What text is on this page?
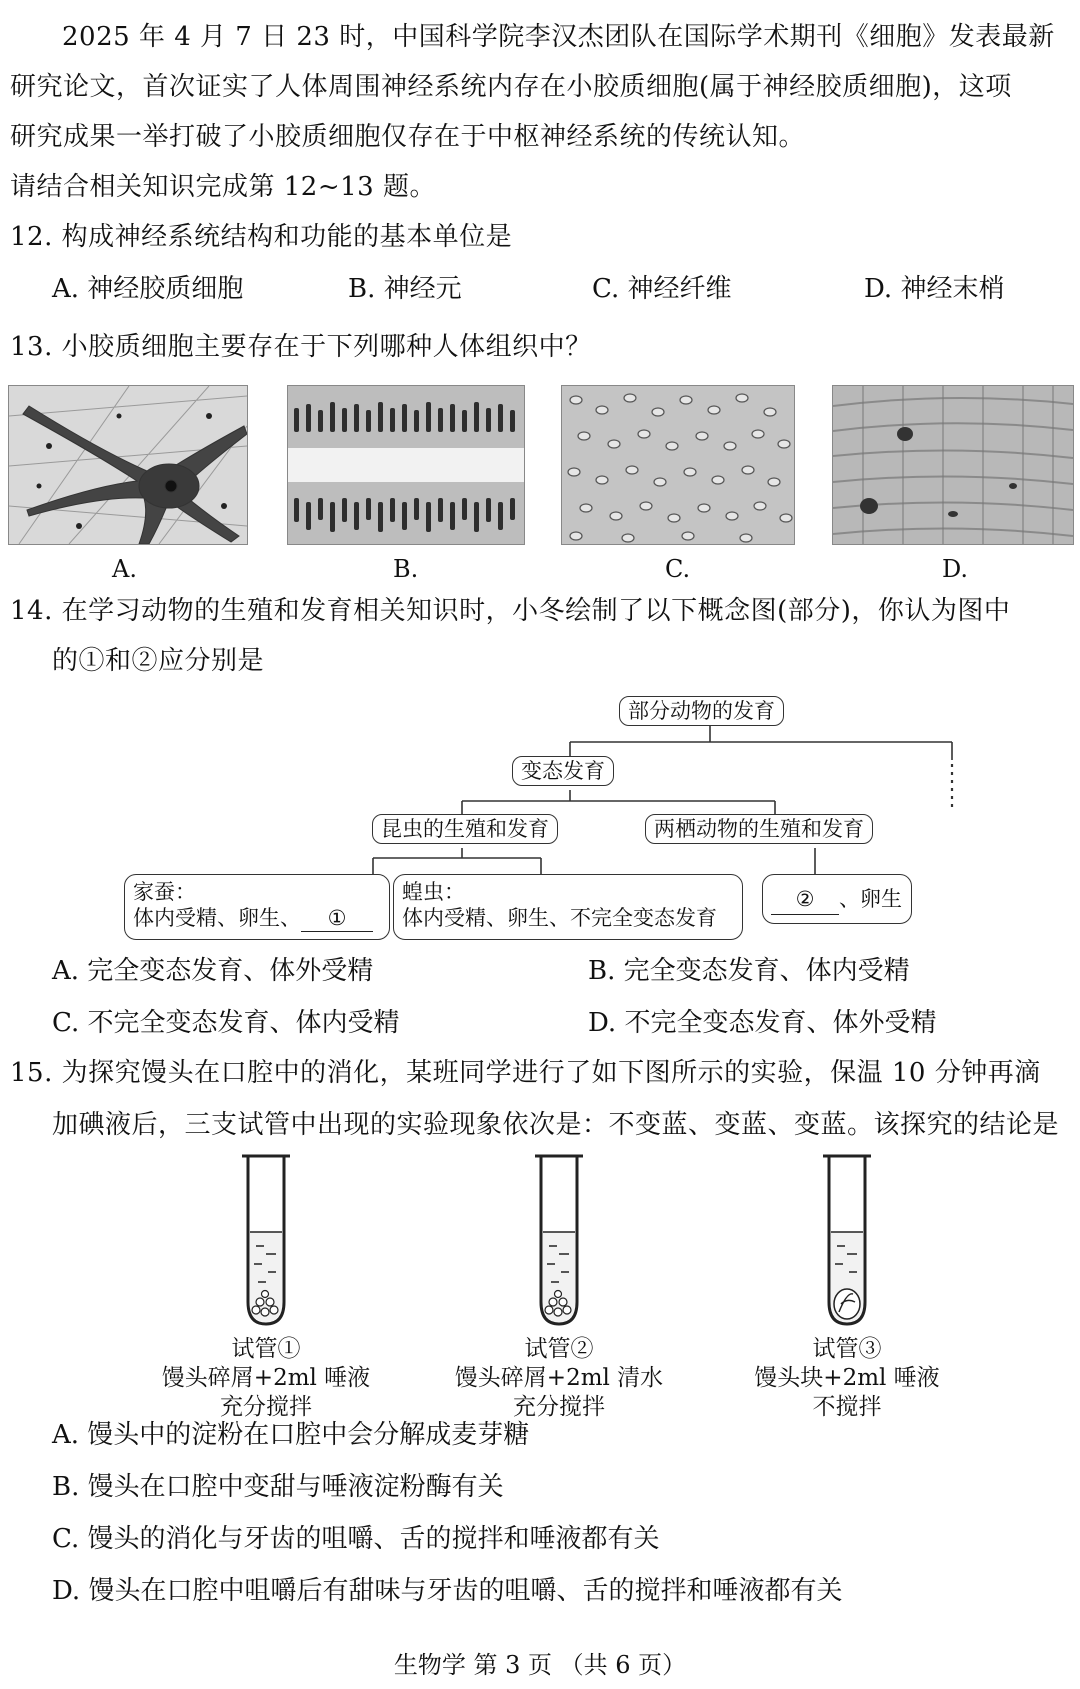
2025 年 4 月 7 日 23 时，中国科学院李汉杰团队在国际学术期刊《细胞》发表最新
研究论文，首次证实了人体周围神经系统内存在小胶质细胞(属于神经胶质细胞)，这项
研究成果一举打破了小胶质细胞仅存在于中枢神经系统的传统认知。
请结合相关知识完成第 12~13 题。
12. 构成神经系统结构和功能的基本单位是
A. 神经胶质细胞	B. 神经元	C. 神经纤维	D. 神经末梢
13. 小胶质细胞主要存在于下列哪种人体组织中？
A.	B.	C.	D.
14. 在学习动物的生殖和发育相关知识时，小冬绘制了以下概念图(部分)，你认为图中
的①和②应分别是
部分动物的发育
变态发育
昆虫的生殖和发育	两栖动物的生殖和发育
家蚕：
体内受精、卵生、 ①
蝗虫：
体内受精、卵生、不完全变态发育
② 、卵生
A. 完全变态发育、体外受精	B. 完全变态发育、体内受精
C. 不完全变态发育、体内受精	D. 不完全变态发育、体外受精
15. 为探究馒头在口腔中的消化，某班同学进行了如下图所示的实验，保温 10 分钟再滴
加碘液后，三支试管中出现的实验现象依次是：不变蓝、变蓝、变蓝。该探究的结论是
试管①
馒头碎屑+2ml 唾液
充分搅拌
试管②
馒头碎屑+2ml 清水
充分搅拌
试管③
馒头块+2ml 唾液
不搅拌
A. 馒头中的淀粉在口腔中会分解成麦芽糖
B. 馒头在口腔中变甜与唾液淀粉酶有关
C. 馒头的消化与牙齿的咀嚼、舌的搅拌和唾液都有关
D. 馒头在口腔中咀嚼后有甜味与牙齿的咀嚼、舌的搅拌和唾液都有关
生物学 第 3 页 （共 6 页）
